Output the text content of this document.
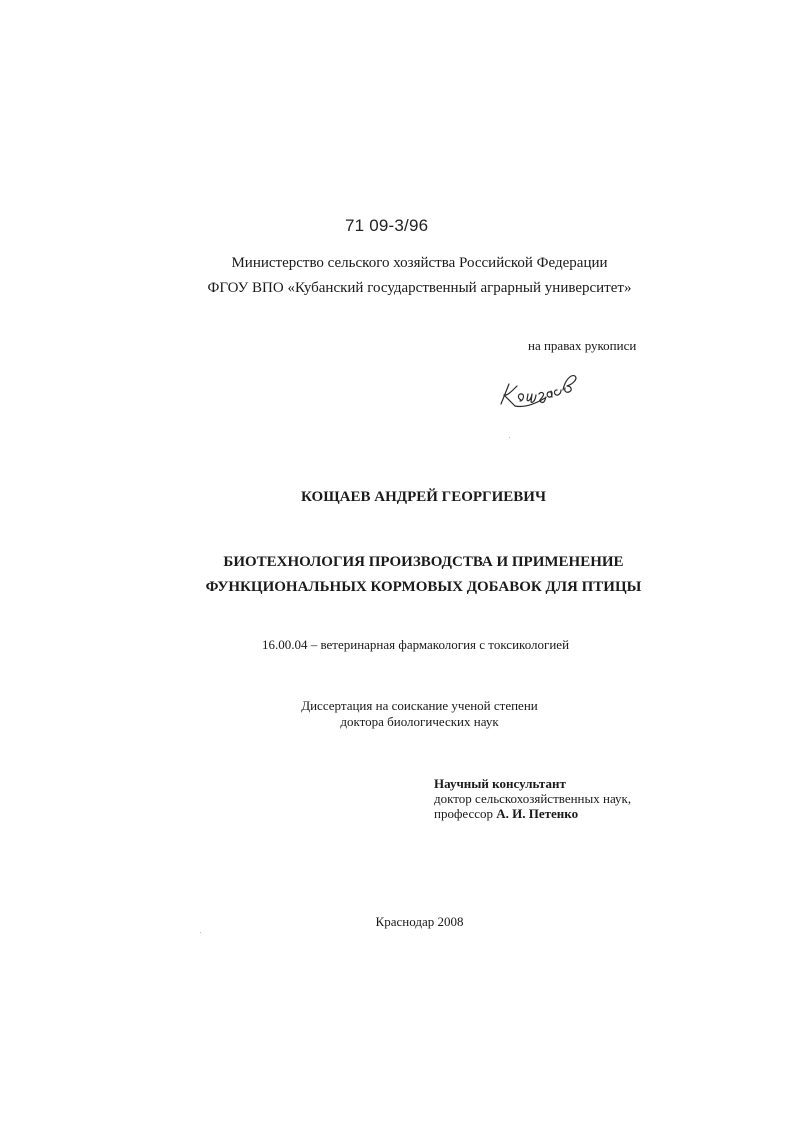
71 09-3/96
Министерство сельского хозяйства Российской Федерации
ФГОУ ВПО «Кубанский государственный аграрный университет»
на правах рукописи
КОЩАЕВ АНДРЕЙ ГЕОРГИЕВИЧ
БИОТЕХНОЛОГИЯ ПРОИЗВОДСТВА И ПРИМЕНЕНИЕ
ФУНКЦИОНАЛЬНЫХ КОРМОВЫХ ДОБАВОК ДЛЯ ПТИЦЫ
16.00.04 – ветеринарная фармакология с токсикологией
Диссертация на соискание ученой степени
доктора биологических наук
Научный консультант
доктор сельскохозяйственных наук,
профессор А. И. Петенко
Краснодар 2008
